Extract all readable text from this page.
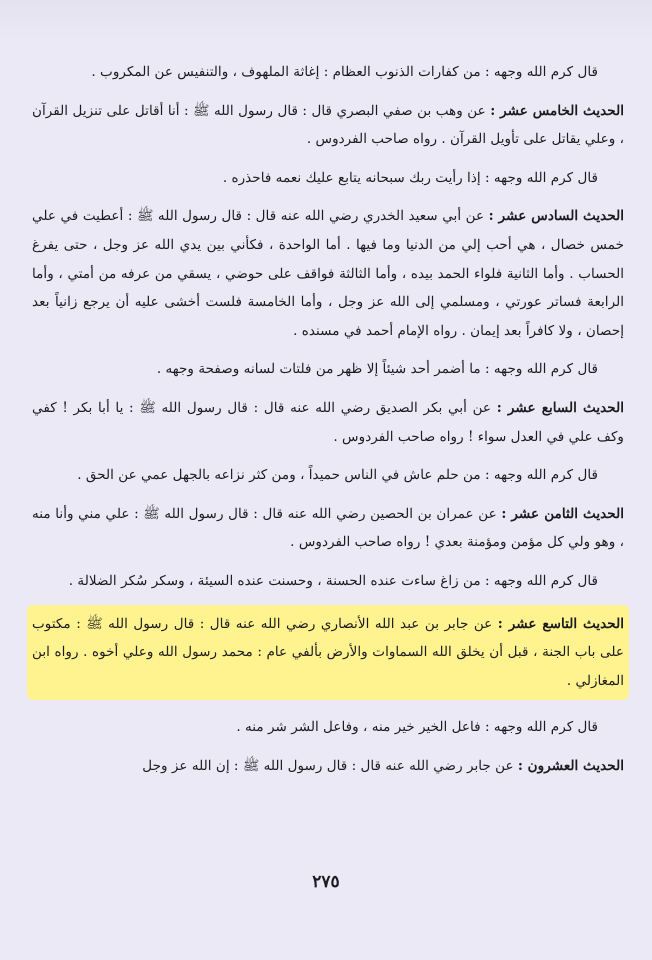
قال كرم الله وجهه : من كفارات الذنوب العظام : إغاثة الملهوف ، والتنفيس عن المكروب .

الحديث الخامس عشر : عن وهب بن صفي البصري قال : قال رسول الله ﷺ : أنا أقاتل على تنزيل القرآن ، وعلي يقاتل على تأويل القرآن . رواه صاحب الفردوس .

قال كرم الله وجهه : إذا رأيت ربك سبحانه يتابع عليك نعمه فاحذره .

الحديث السادس عشر : عن أبي سعيد الخدري رضي الله عنه قال : قال رسول الله ﷺ : أعطيت في علي خمس خصال ، هي أحب إلي من الدنيا وما فيها . أما الواحدة ، فكأني بين يدي الله عز وجل ، حتى يفرغ الحساب . وأما الثانية فلواء الحمد بيده ، وأما الثالثة فواقف على حوضي ، يسقي من عرفه من أمتي ، وأما الرابعة فساتر عورتي ، ومسلمي إلى الله عز وجل ، وأما الخامسة فلست أخشى عليه أن يرجع زانياً بعد إحصان ، ولا كافراً بعد إيمان . رواه الإمام أحمد في مسنده .

قال كرم الله وجهه : ما أضمر أحد شيئاً إلا ظهر من فلتات لسانه وصفحة وجهه .

الحديث السابع عشر : عن أبي بكر الصديق رضي الله عنه قال : قال رسول الله ﷺ : يا أبا بكر ! كفي وكف علي في العدل سواء ! رواه صاحب الفردوس .

قال كرم الله وجهه : من حلم عاش في الناس حميداً ، ومن كثر نزاعه بالجهل عمي عن الحق .

الحديث الثامن عشر : عن عمران بن الحصين رضي الله عنه قال : قال رسول الله ﷺ : علي مني وأنا منه ، وهو ولي كل مؤمن ومؤمنة بعدي ! رواه صاحب الفردوس .

قال كرم الله وجهه : من زاغ ساءت عنده الحسنة ، وحسنت عنده السيئة ، وسكر سُكر الضلالة .

الحديث التاسع عشر : عن جابر بن عبد الله الأنصاري رضي الله عنه قال : قال رسول الله ﷺ : مكتوب على باب الجنة ، قبل أن يخلق الله السماوات والأرض بألفي عام : محمد رسول الله وعلي أخوه . رواه ابن المغازلي .

قال كرم الله وجهه : فاعل الخير خير منه ، وفاعل الشر شر منه .

الحديث العشرون : عن جابر رضي الله عنه قال : قال رسول الله ﷺ : إن الله عز وجل

٢٧٥
